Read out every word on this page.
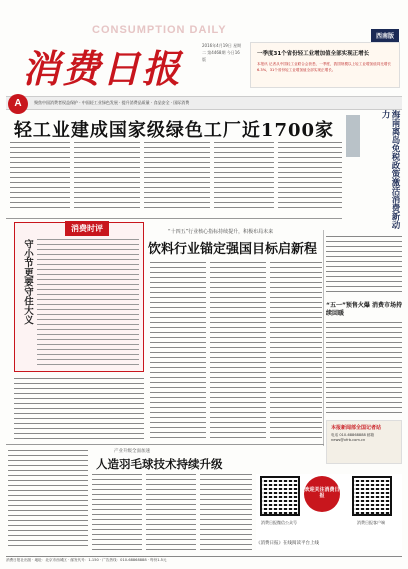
CONSUMPTION DAILY
消费日报
2016年4月19日 星期二 第4468期 今日16版
西南版
一季度31个省份轻工业增加值全部实现正增长
本报讯 记者从中国轻工业联合会获悉，一季度，我国规模以上轻工业增加值同比增长6.3%，31个省份轻工业增加值全部实现正增长。
A	聚焦中国消费者权益保护 · 中国轻工业绿色发展 · 提升消费品质量 · 食品安全 · 国际消费
轻工业建成国家级绿色工厂近1700家	海南离岛免税政策激活消费新动力
“五一”预售火爆 消费市场持续回暖
消费时评
守小节更要守住大义
“十四五”行业核心指标持续提升，积极布局未来
饮料行业锚定强国目标启新程
本报新闻部全国记者站
电话 010-68868888 邮箱 news@xfrb.com.cn
产业升级全面加速
人造羽毛球技术持续升级
欢迎关注消费日报
消费日报微信公众号	消费日报客户端
《消费日报》在线阅读平台上线
消费日报社出版 · 地址：北京市西城区 · 邮发代号：1-150 · 广告热线：010-68868888 · 每份1.5元
